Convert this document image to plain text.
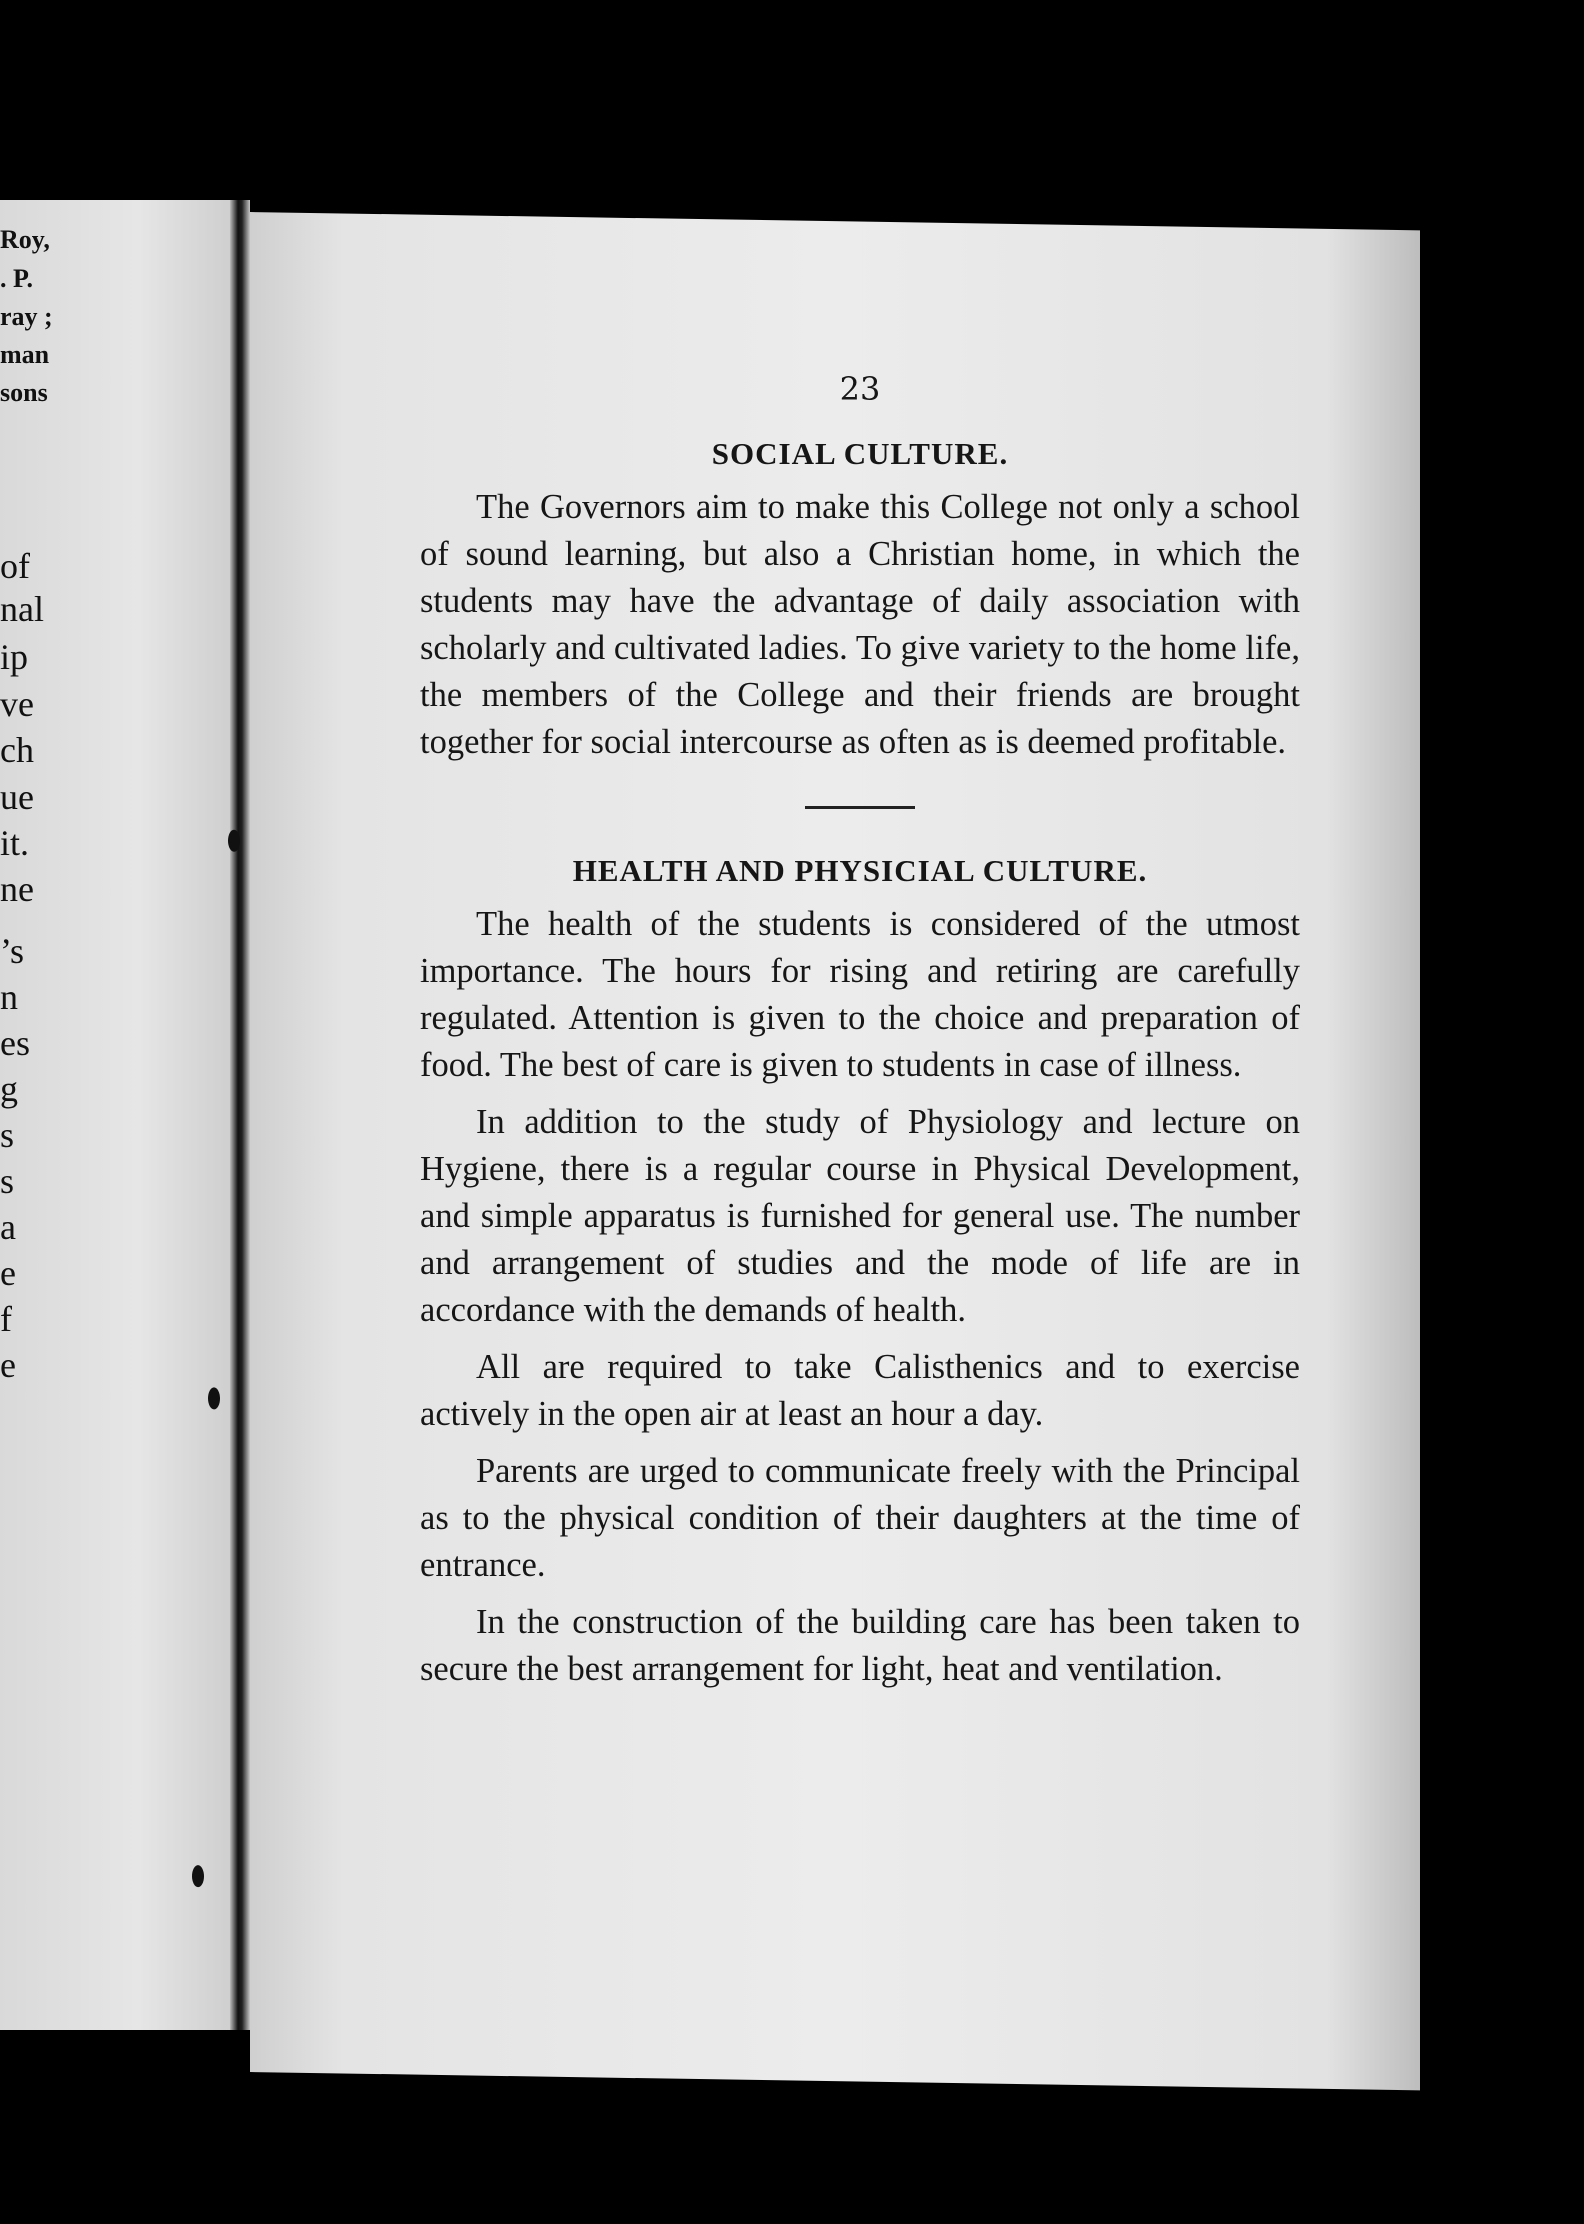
Roy,
. P.
ray ;
man
sons
of
nal
ip
ve
ch
ue
it.
ne
’s
n
es
g
s
s
a
e
f
e
23
SOCIAL CULTURE.

The Governors aim to make this College not only a school of sound learning, but also a Christian home, in which the students may have the advantage of daily association with scholarly and cultivated ladies. To give variety to the home life, the members of the College and their friends are brought together for social intercourse as often as is deemed profitable.

HEALTH AND PHYSICIAL CULTURE.

The health of the students is considered of the utmost importance. The hours for rising and retiring are carefully regulated. Attention is given to the choice and preparation of food. The best of care is given to students in case of illness.

In addition to the study of Physiology and lecture on Hygiene, there is a regular course in Physical Development, and simple apparatus is furnished for general use. The number and arrangement of studies and the mode of life are in accordance with the demands of health.

All are required to take Calisthenics and to exercise actively in the open air at least an hour a day.

Parents are urged to communicate freely with the Principal as to the physical condition of their daughters at the time of entrance.

In the construction of the building care has been taken to secure the best arrangement for light, heat and ventilation.
